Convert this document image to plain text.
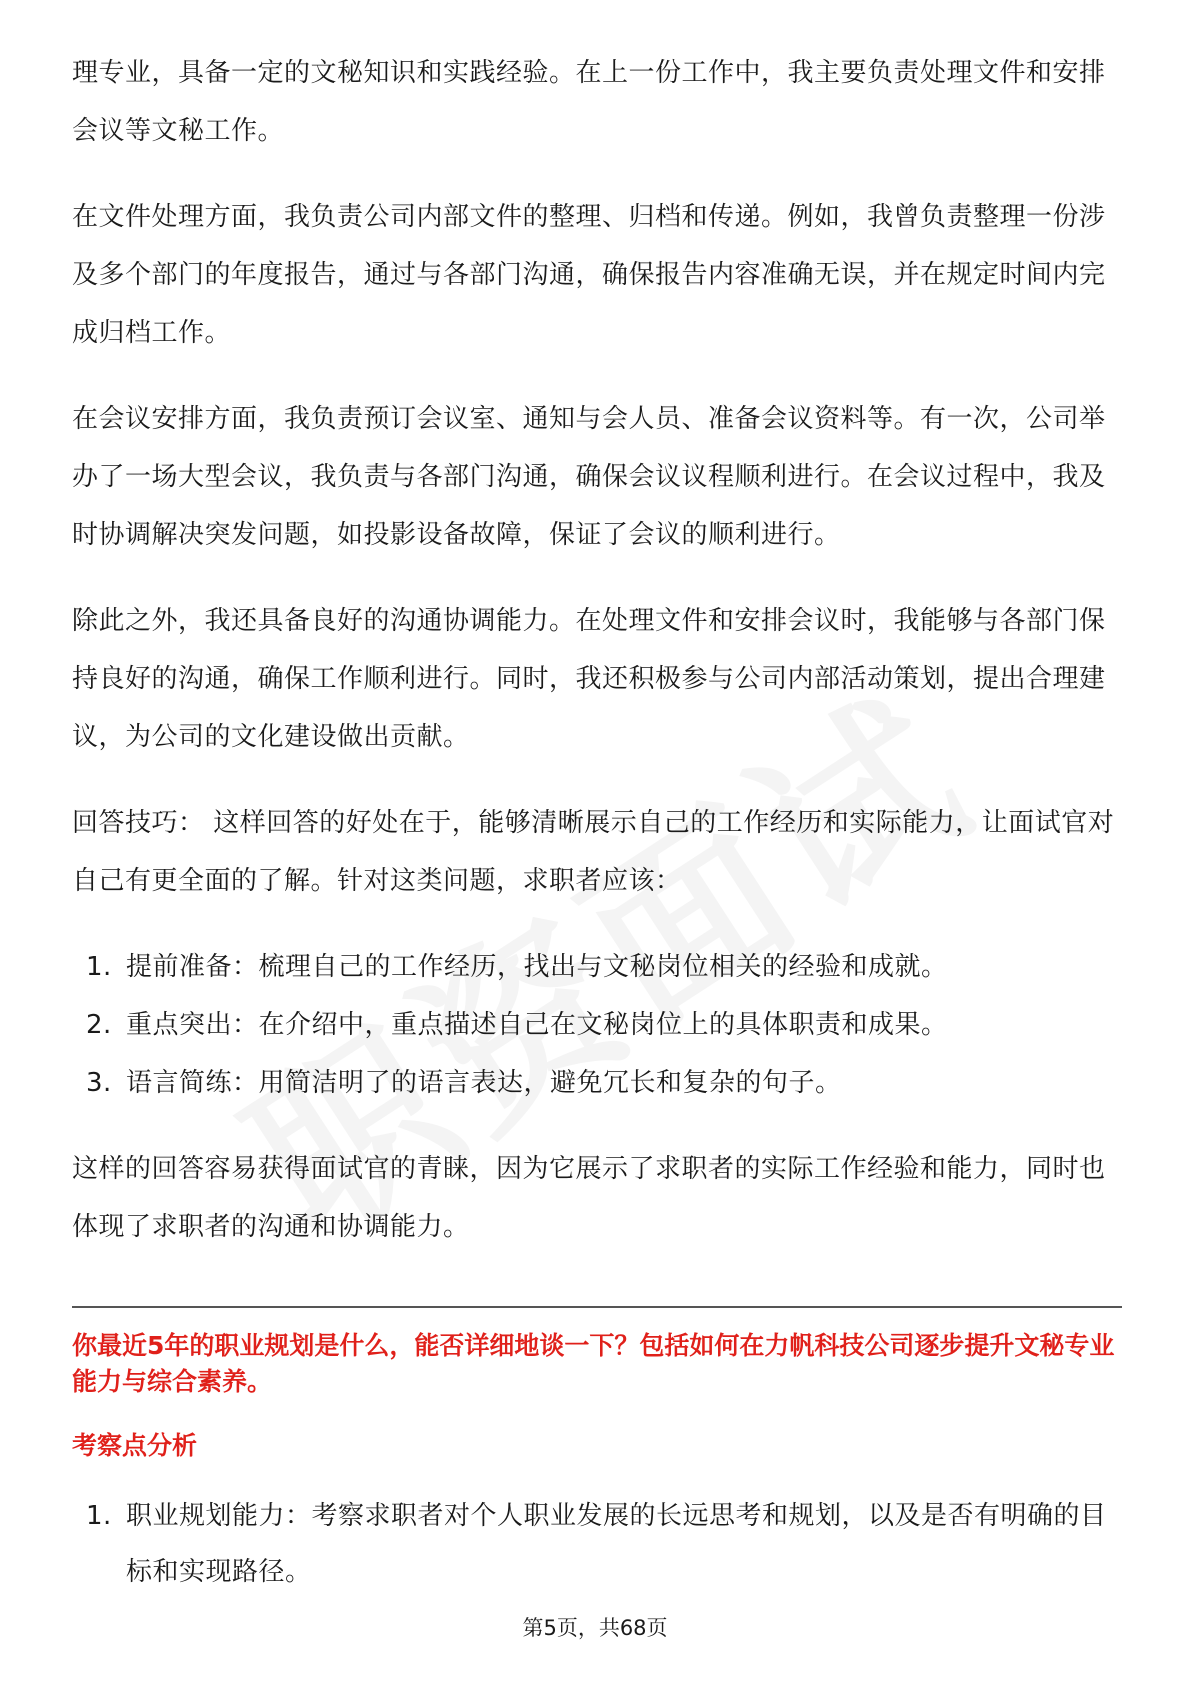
理专业，具备一定的文秘知识和实践经验。在上一份工作中，我主要负责处理文件和安排会议等文秘工作。

在文件处理方面，我负责公司内部文件的整理、归档和传递。例如，我曾负责整理一份涉及多个部门的年度报告，通过与各部门沟通，确保报告内容准确无误，并在规定时间内完成归档工作。

在会议安排方面，我负责预订会议室、通知与会人员、准备会议资料等。有一次，公司举办了一场大型会议，我负责与各部门沟通，确保会议议程顺利进行。在会议过程中，我及时协调解决突发问题，如投影设备故障，保证了会议的顺利进行。

除此之外，我还具备良好的沟通协调能力。在处理文件和安排会议时，我能够与各部门保持良好的沟通，确保工作顺利进行。同时，我还积极参与公司内部活动策划，提出合理建议，为公司的文化建设做出贡献。

回答技巧： 这样回答的好处在于，能够清晰展示自己的工作经历和实际能力，让面试官对自己有更全面的了解。针对这类问题，求职者应该：

1. 提前准备：梳理自己的工作经历，找出与文秘岗位相关的经验和成就。
2. 重点突出：在介绍中，重点描述自己在文秘岗位上的具体职责和成果。
3. 语言简练：用简洁明了的语言表达，避免冗长和复杂的句子。

这样的回答容易获得面试官的青睐，因为它展示了求职者的实际工作经验和能力，同时也体现了求职者的沟通和协调能力。

你最近5年的职业规划是什么，能否详细地谈一下？包括如何在力帆科技公司逐步提升文秘专业能力与综合素养。
考察点分析
1. 职业规划能力：考察求职者对个人职业发展的长远思考和规划，以及是否有明确的目标和实现路径。
第5页，共68页
